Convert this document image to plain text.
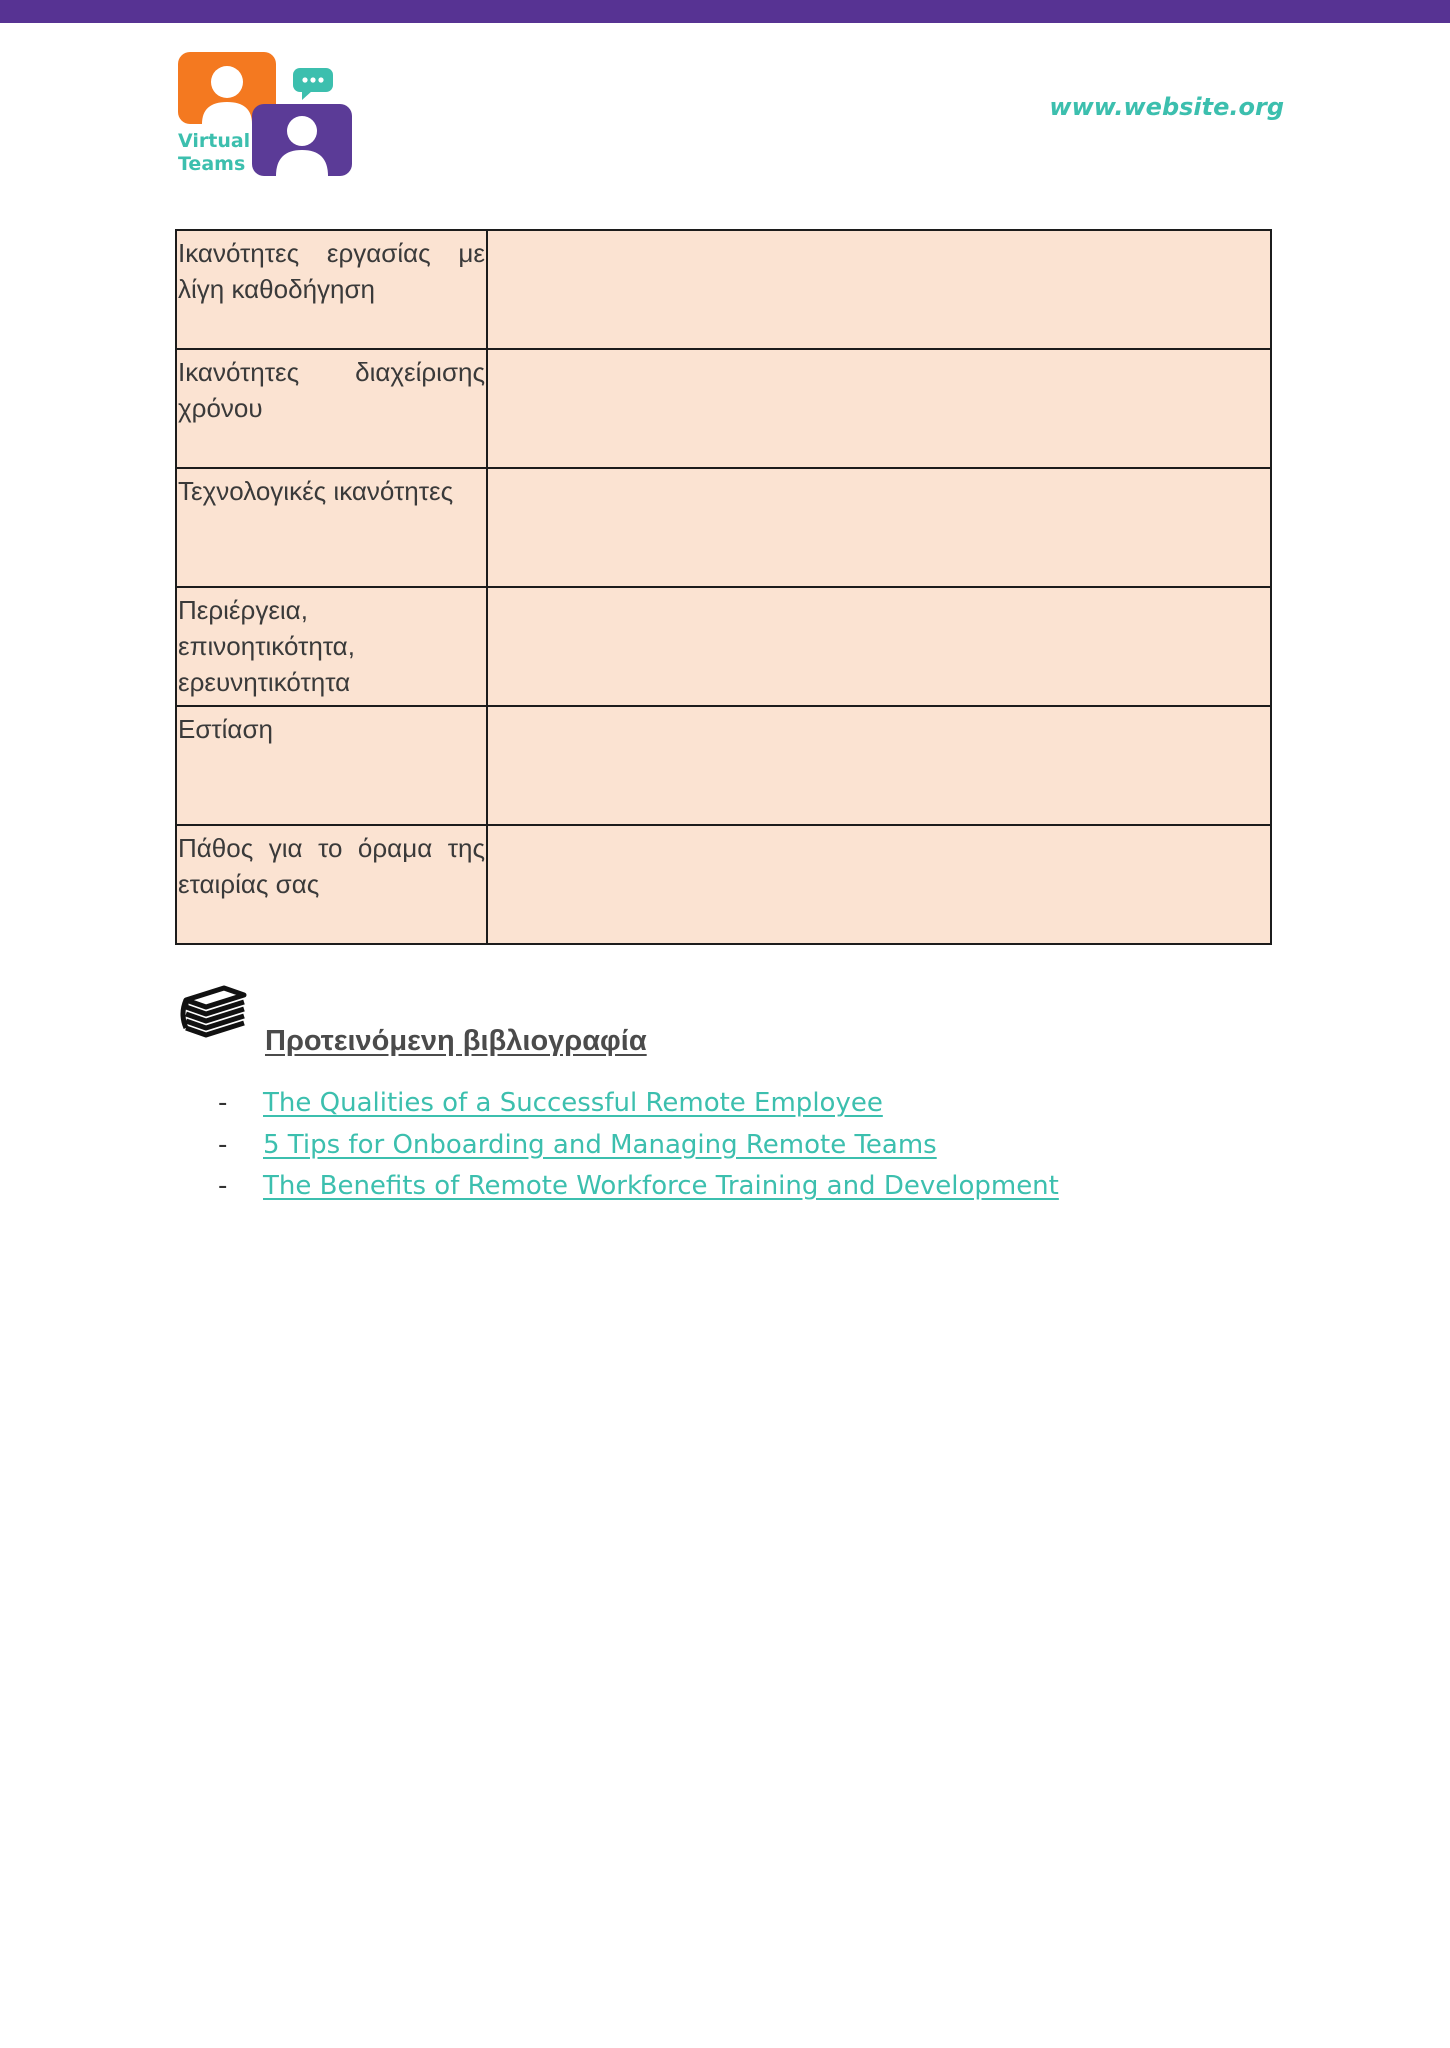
Virtual
Teams
www.website.org
Ικανότητες εργασίας με λίγη καθοδήγηση	
Ικανότητες διαχείρισης χρόνου	
Τεχνολογικές ικανότητες	
Περιέργεια, επινοητικότητα, ερευνητικότητα	
Εστίαση	
Πάθος για το όραμα της εταιρίας σας	
Προτεινόμενη βιβλιογραφία
-	The Qualities of a Successful Remote Employee
-	5 Tips for Onboarding and Managing Remote Teams
-	The Benefits of Remote Workforce Training and Development
